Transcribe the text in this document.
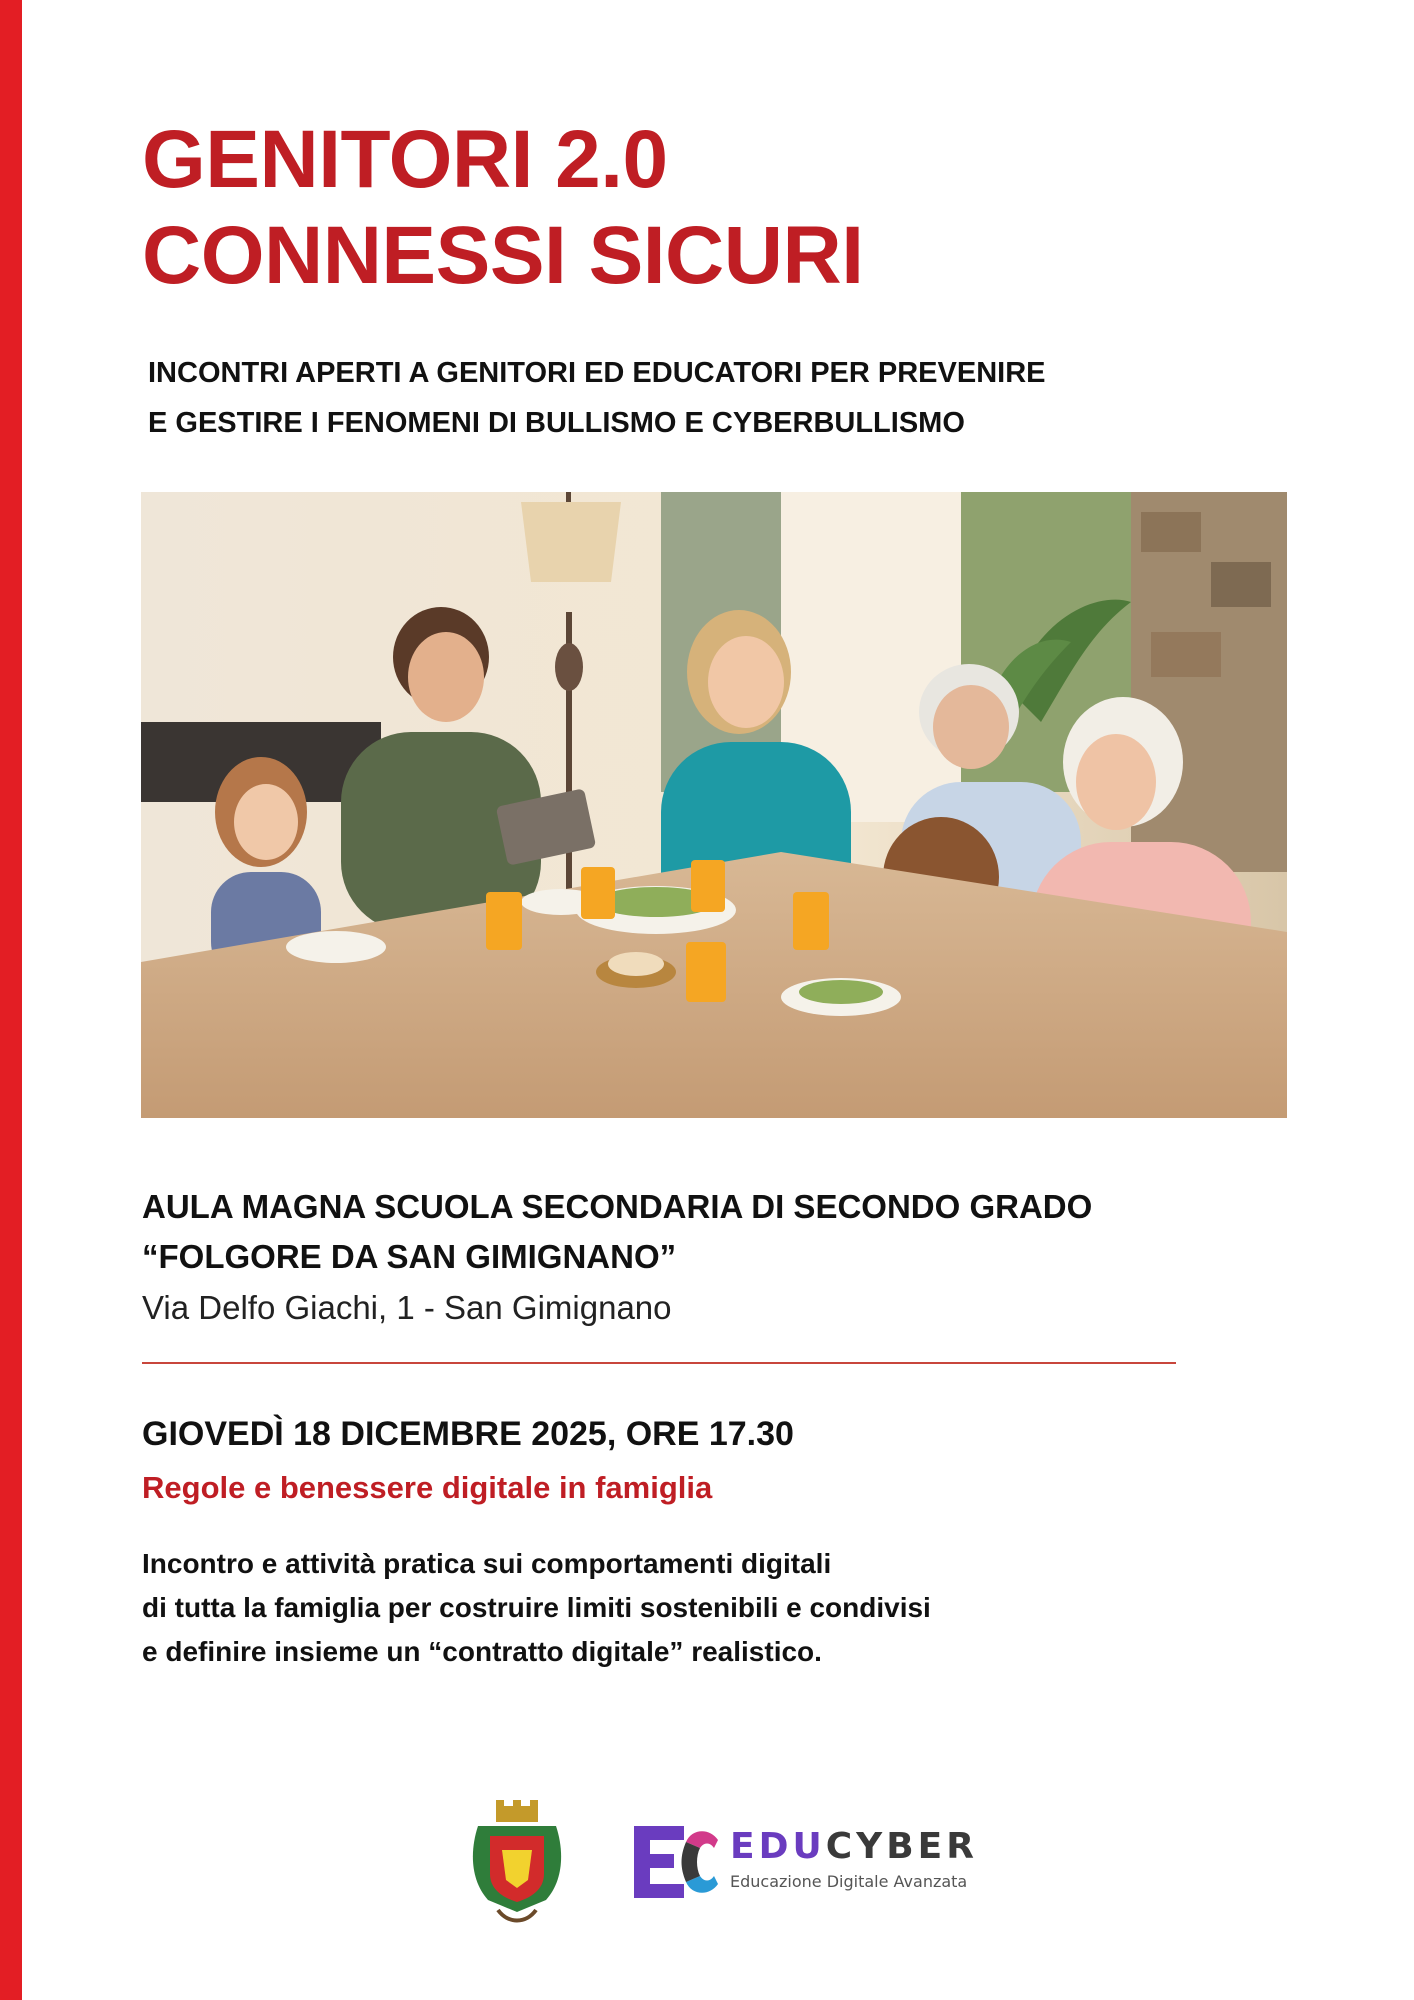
GENITORI 2.0
CONNESSI SICURI

INCONTRI APERTI A GENITORI ED EDUCATORI PER PREVENIRE
E GESTIRE I FENOMENI DI BULLISMO E CYBERBULLISMO

AULA MAGNA SCUOLA SECONDARIA DI SECONDO GRADO
“FOLGORE DA SAN GIMIGNANO”
Via Delfo Giachi, 1 - San Gimignano
GIOVEDÌ 18 DICEMBRE 2025, ORE 17.30
Regole e benessere digitale in famiglia
Incontro e attività pratica sui comportamenti digitali
di tutta la famiglia per costruire limiti sostenibili e condivisi
e definire insieme un “contratto digitale” realistico.
EDUCYBER
Educazione Digitale Avanzata
